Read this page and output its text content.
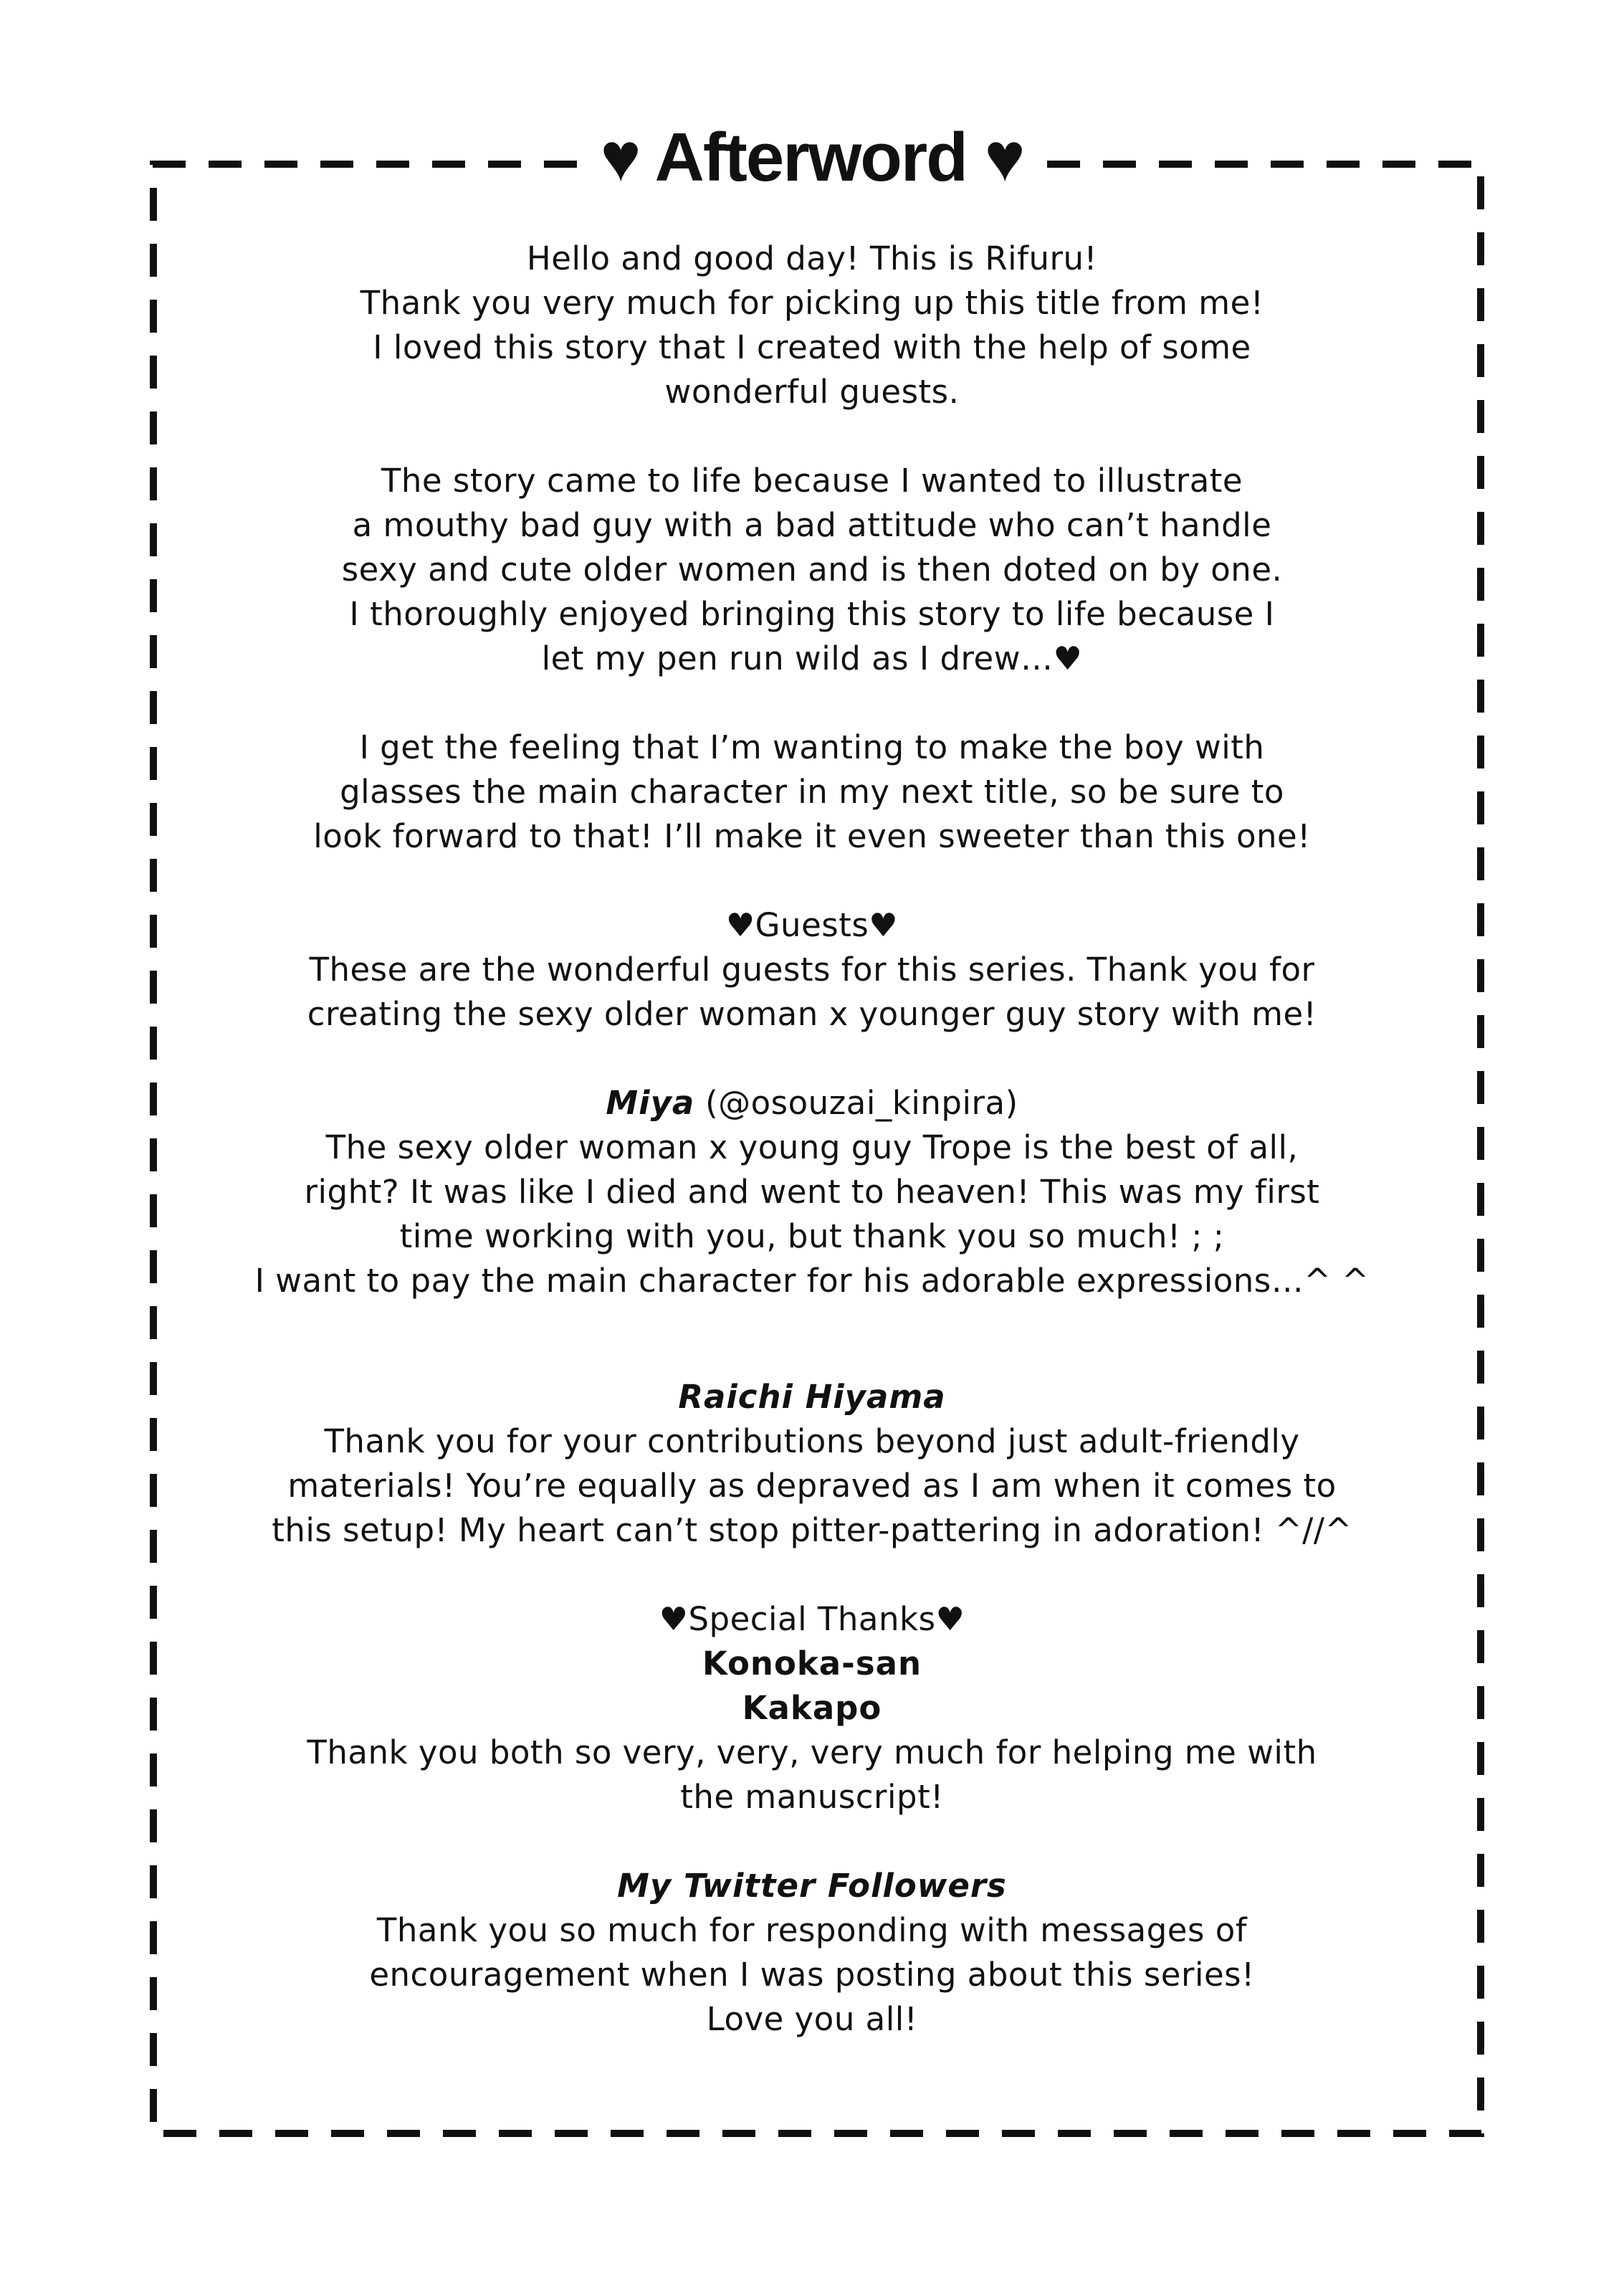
♥ Afterword ♥

Hello and good day! This is Rifuru!
Thank you very much for picking up this title from me!
I loved this story that I created with the help of some
wonderful guests.

The story came to life because I wanted to illustrate
a mouthy bad guy with a bad attitude who can’t handle
sexy and cute older women and is then doted on by one.
I thoroughly enjoyed bringing this story to life because I
let my pen run wild as I drew…♥

I get the feeling that I’m wanting to make the boy with
glasses the main character in my next title, so be sure to
look forward to that! I’ll make it even sweeter than this one!

♥Guests♥
These are the wonderful guests for this series. Thank you for
creating the sexy older woman x younger guy story with me!

Miya (@osouzai_kinpira)
The sexy older woman x young guy Trope is the best of all,
right? It was like I died and went to heaven! This was my first
time working with you, but thank you so much! ; ;
I want to pay the main character for his adorable expressions…^ ^

Raichi Hiyama
Thank you for your contributions beyond just adult-friendly
materials! You’re equally as depraved as I am when it comes to
this setup! My heart can’t stop pitter-pattering in adoration! ^//^

♥Special Thanks♥
Konoka-san
Kakapo
Thank you both so very, very, very much for helping me with
the manuscript!

My Twitter Followers
Thank you so much for responding with messages of
encouragement when I was posting about this series!
Love you all!
